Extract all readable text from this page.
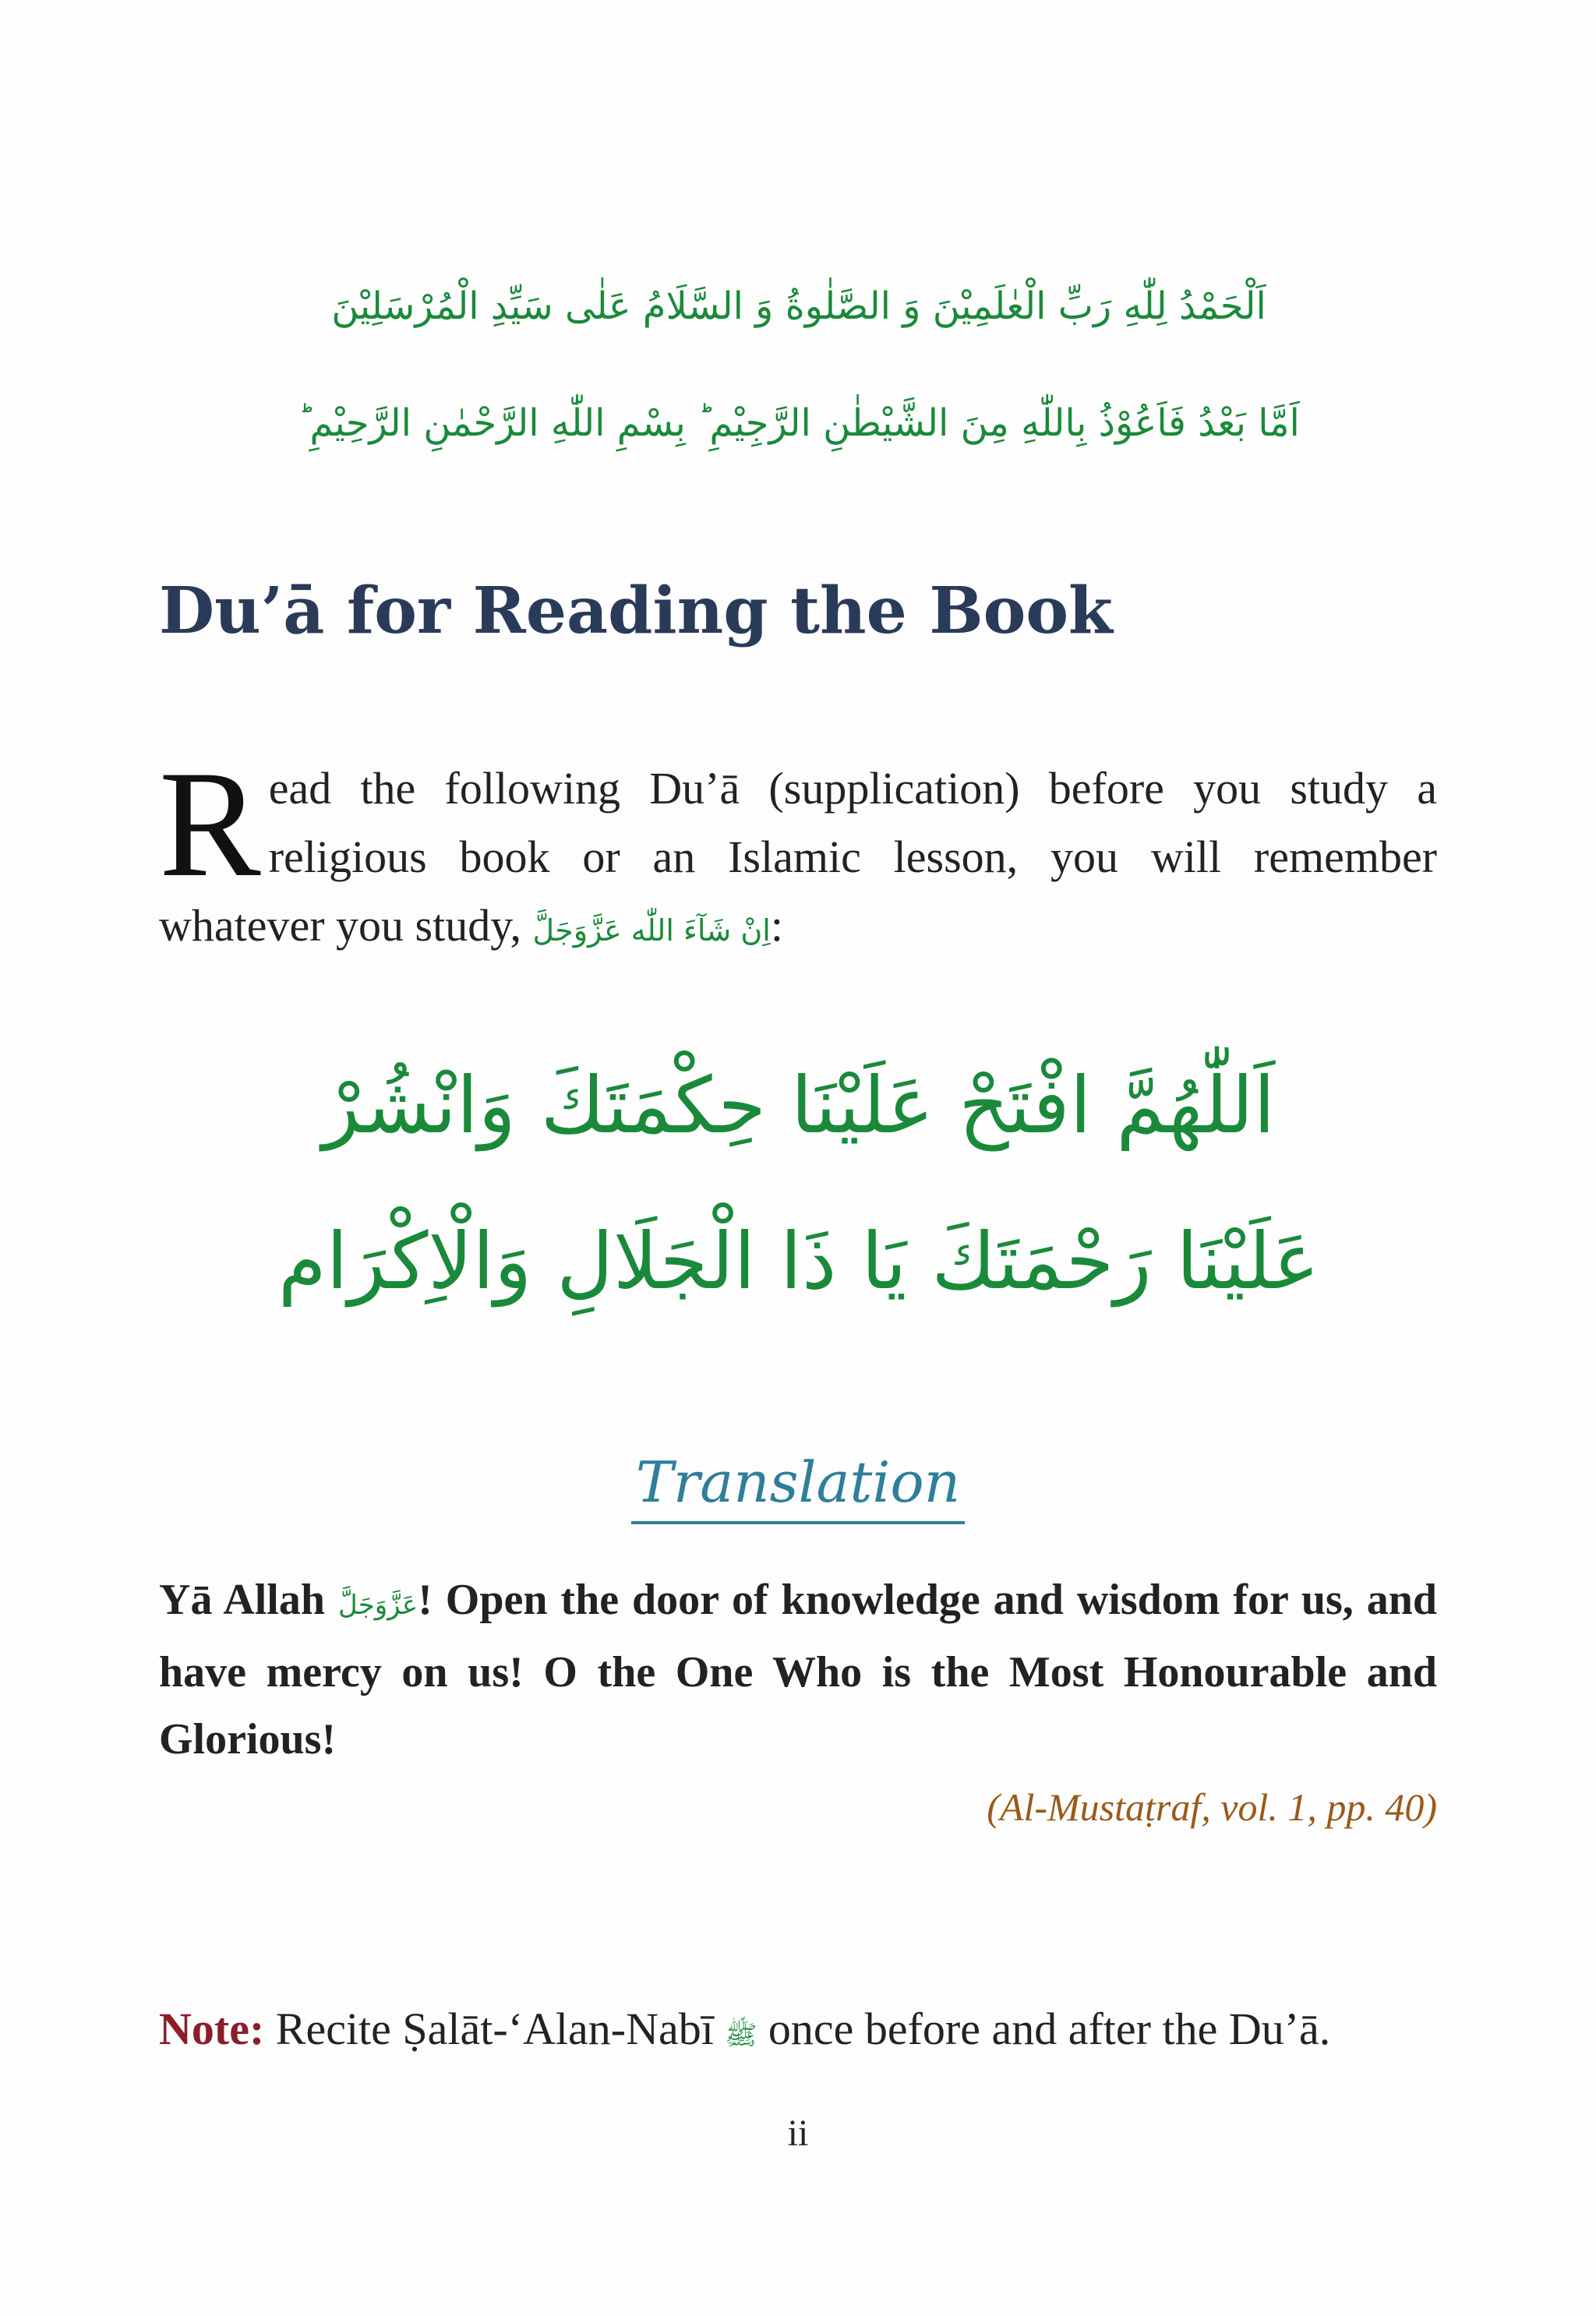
اَلْحَمْدُ لِلّٰهِ رَبِّ الْعٰلَمِيْنَ وَ الصَّلٰوةُ وَ السَّلَامُ عَلٰى سَيِّدِ الْمُرْسَلِيْنَ
اَمَّا بَعْدُ فَاَعُوْذُ بِاللّٰهِ مِنَ الشَّيْطٰنِ الرَّجِيْمِ ؕ بِسْمِ اللّٰهِ الرَّحْمٰنِ الرَّحِيْمِ ؕ
Du’ā for Reading the Book

Read the following Du’ā (supplication) before you study a religious book or an Islamic lesson, you will remember whatever you study, اِنْ شَآءَ اللّٰه عَزَّوَجَلَّ:

اَللّٰهُمَّ افْتَحْ عَلَيْنَا حِكْمَتَكَ وَانْشُرْ
عَلَيْنَا رَحْمَتَكَ يَا ذَا الْجَلَالِ وَالْاِكْرَام
Translation

Yā Allah عَزَّوَجَلَّ! Open the door of knowledge and wisdom for us, and have mercy on us! O the One Who is the Most Honourable and Glorious!

(Al-Mustaṭraf, vol. 1, pp. 40)

Note: Recite Ṣalāt-‘Alan-Nabī ﷺ once before and after the Du’ā.

ii
